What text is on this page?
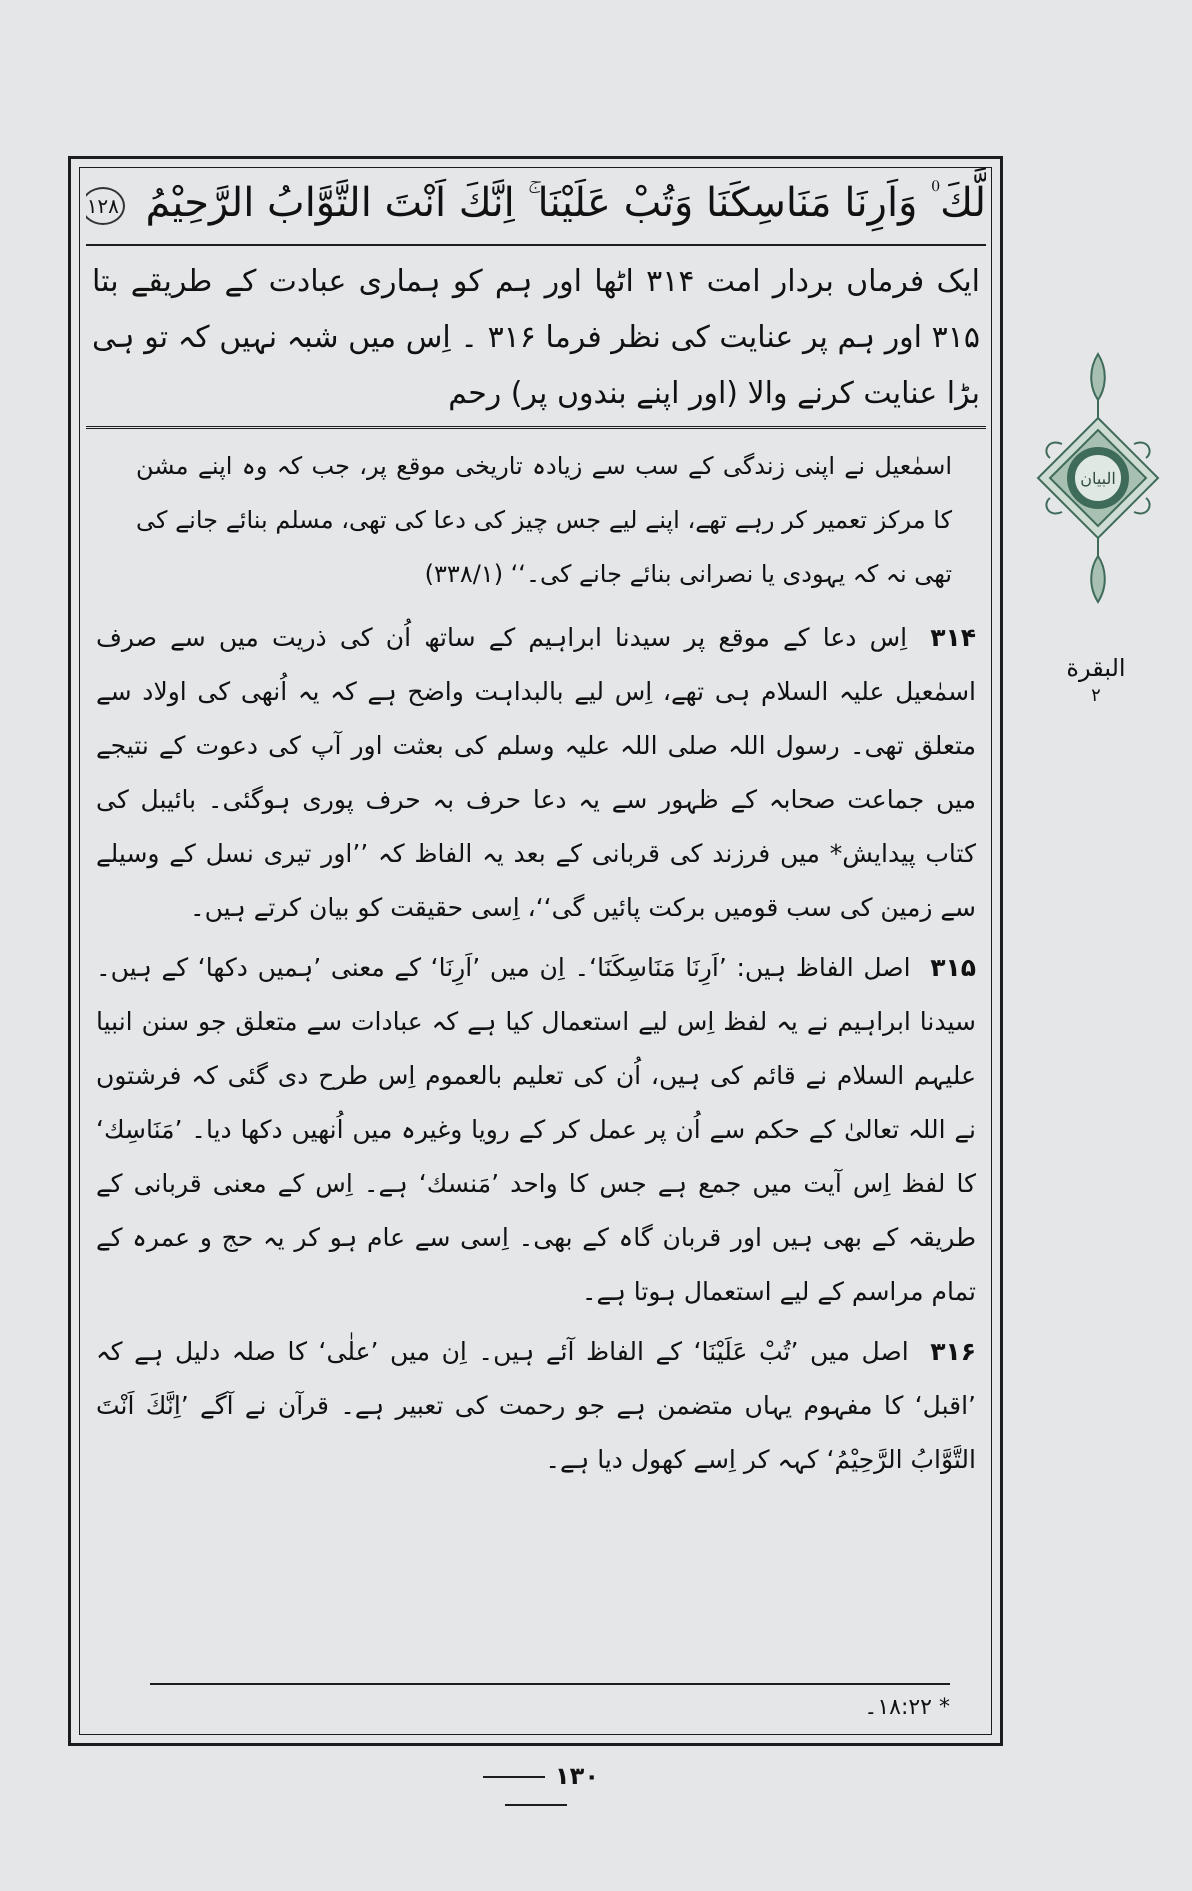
لَّكَ ۠ وَاَرِنَا مَنَاسِكَنَا وَتُبْ عَلَيْنَا ۚ اِنَّكَ اَنْتَ التَّوَّابُ الرَّحِيْمُ ١٢٨
ایک فرماں بردار امت ۳۱۴ اٹھا اور ہم کو ہماری عبادت کے طریقے بتا ۳۱۵ اور ہم پر عنایت کی نظر فرما ۳۱۶ ۔ اِس میں شبہ نہیں کہ تو ہی بڑا عنایت کرنے والا (اور اپنے بندوں پر) رحم
اسمٰعیل نے اپنی زندگی کے سب سے زیادہ تاریخی موقع پر، جب کہ وہ اپنے مشن کا مرکز تعمیر کر رہے تھے، اپنے لیے جس چیز کی دعا کی تھی، مسلم بنائے جانے کی تھی نہ کہ یہودی یا نصرانی بنائے جانے کی۔‘‘ (۳۳۸/۱)
۳۱۴ اِس دعا کے موقع پر سیدنا ابراہیم کے ساتھ اُن کی ذریت میں سے صرف اسمٰعیل علیہ السلام ہی تھے، اِس لیے بالبداہت واضح ہے کہ یہ اُنھی کی اولاد سے متعلق تھی۔ رسول اللہ صلی اللہ علیہ وسلم کی بعثت اور آپ کی دعوت کے نتیجے میں جماعت صحابہ کے ظہور سے یہ دعا حرف بہ حرف پوری ہوگئی۔ بائیبل کی کتاب پیدایش* میں فرزند کی قربانی کے بعد یہ الفاظ کہ ’’اور تیری نسل کے وسیلے سے زمین کی سب قومیں برکت پائیں گی‘‘، اِسی حقیقت کو بیان کرتے ہیں۔
۳۱۵ اصل الفاظ ہیں: ’اَرِنَا مَنَاسِكَنَا‘۔ اِن میں ’اَرِنَا‘ کے معنی ’ہمیں دکھا‘ کے ہیں۔ سیدنا ابراہیم نے یہ لفظ اِس لیے استعمال کیا ہے کہ عبادات سے متعلق جو سنن انبیا علیہم السلام نے قائم کی ہیں، اُن کی تعلیم بالعموم اِس طرح دی گئی کہ فرشتوں نے اللہ تعالیٰ کے حکم سے اُن پر عمل کر کے رویا وغیرہ میں اُنھیں دکھا دیا۔ ’مَنَاسِك‘ کا لفظ اِس آیت میں جمع ہے جس کا واحد ’مَنسك‘ ہے۔ اِس کے معنی قربانی کے طریقہ کے بھی ہیں اور قربان گاہ کے بھی۔ اِسی سے عام ہو کر یہ حج و عمرہ کے تمام مراسم کے لیے استعمال ہوتا ہے۔
۳۱۶ اصل میں ’تُبْ عَلَيْنَا‘ کے الفاظ آئے ہیں۔ اِن میں ’علٰی‘ کا صلہ دلیل ہے کہ ’اقبل‘ کا مفہوم یہاں متضمن ہے جو رحمت کی تعبیر ہے۔ قرآن نے آگے ’اِنَّكَ اَنْتَ التَّوَّابُ الرَّحِيْمُ‘ کہہ کر اِسے کھول دیا ہے۔
* ۱۸:۲۲۔
۱۳۰
البیان
البقرة
۲
